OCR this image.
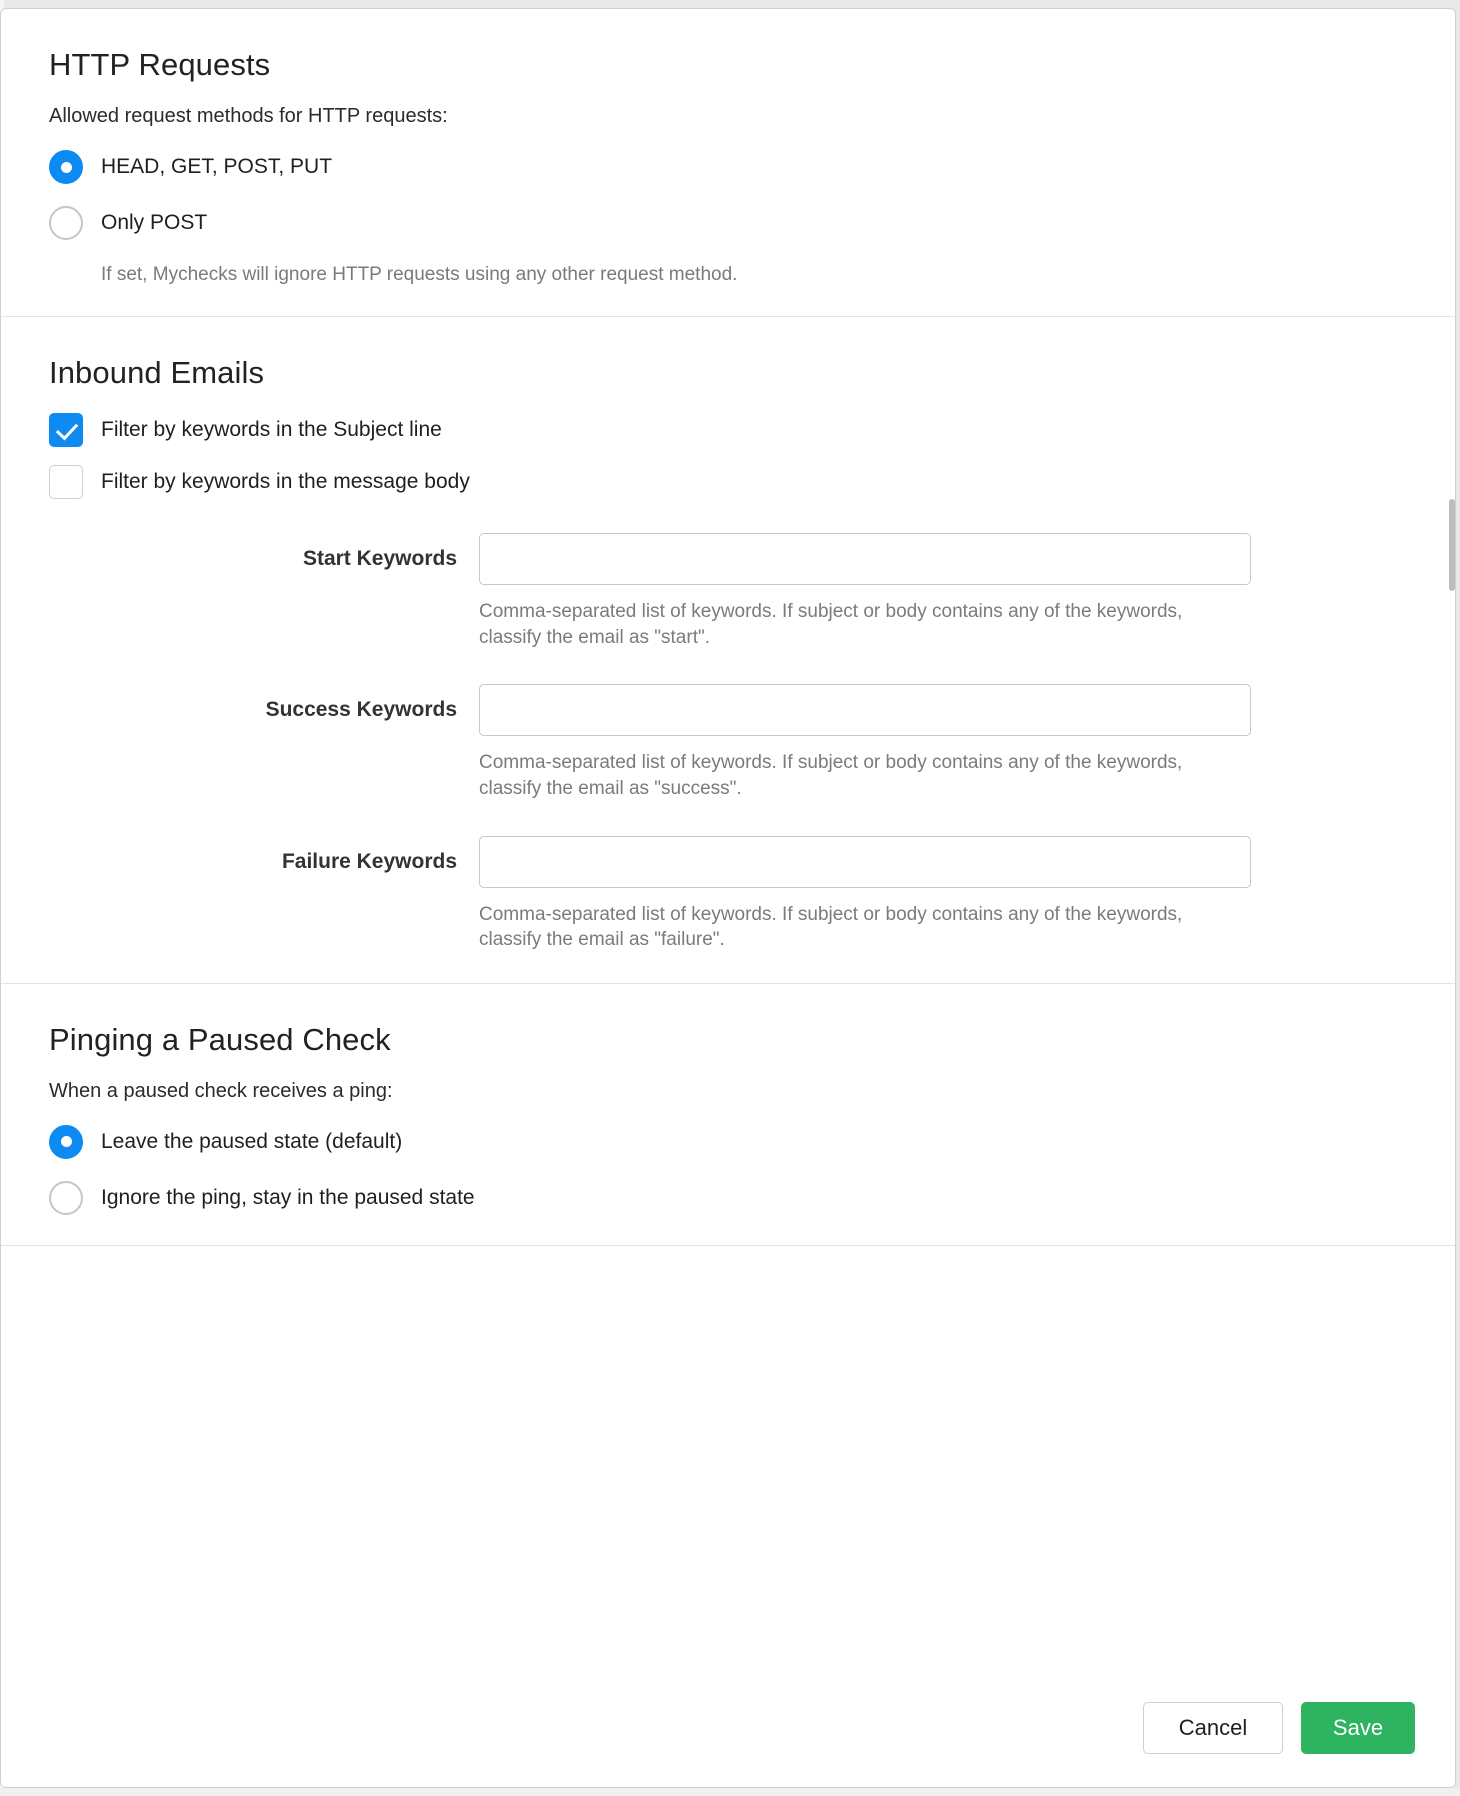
HTTP Requests

Allowed request methods for HTTP requests:

HEAD, GET, POST, PUT
Only POST

If set, Mychecks will ignore HTTP requests using any other request method.

Inbound Emails
Filter by keywords in the Subject line
Filter by keywords in the message body
Start Keywords

Comma-separated list of keywords. If subject or body contains any of the keywords, classify the email as "start".

Success Keywords

Comma-separated list of keywords. If subject or body contains any of the keywords, classify the email as "success".

Failure Keywords

Comma-separated list of keywords. If subject or body contains any of the keywords, classify the email as "failure".

Pinging a Paused Check

When a paused check receives a ping:

Leave the paused state (default)
Ignore the ping, stay in the paused state
Cancel	Save
